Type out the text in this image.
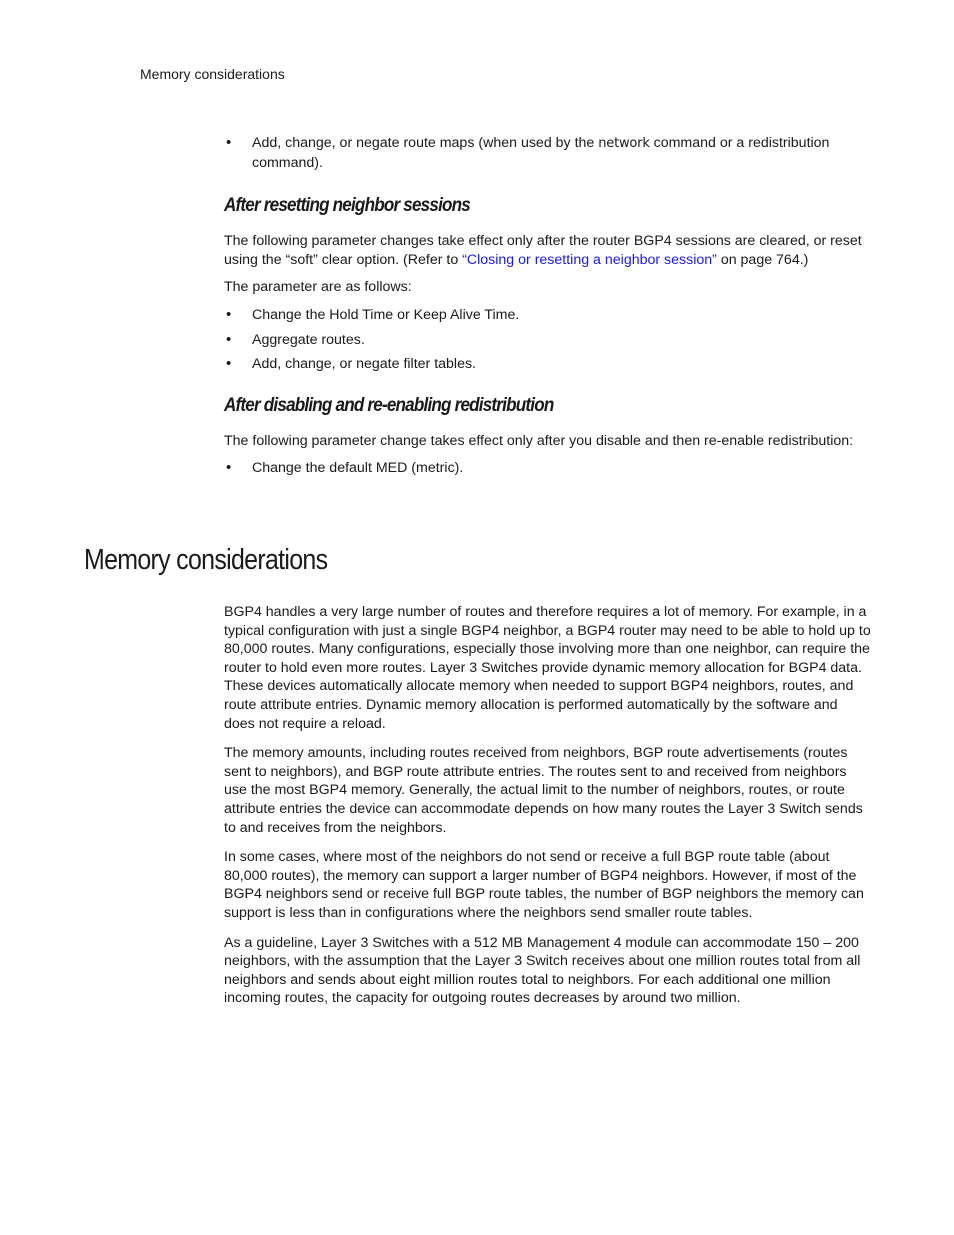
Memory considerations
• Add, change, or negate route maps (when used by the network command or a redistribution command).
After resetting neighbor sessions

The following parameter changes take effect only after the router BGP4 sessions are cleared, or reset using the “soft” clear option. (Refer to “Closing or resetting a neighbor session” on page 764.)

The parameter are as follows:

• Change the Hold Time or Keep Alive Time.
• Aggregate routes.
• Add, change, or negate filter tables.
After disabling and re-enabling redistribution

The following parameter change takes effect only after you disable and then re-enable redistribution:

• Change the default MED (metric).
Memory considerations

BGP4 handles a very large number of routes and therefore requires a lot of memory. For example, in a typical configuration with just a single BGP4 neighbor, a BGP4 router may need to be able to hold up to 80,000 routes. Many configurations, especially those involving more than one neighbor, can require the router to hold even more routes. Layer 3 Switches provide dynamic memory allocation for BGP4 data. These devices automatically allocate memory when needed to support BGP4 neighbors, routes, and route attribute entries. Dynamic memory allocation is performed automatically by the software and does not require a reload.

The memory amounts, including routes received from neighbors, BGP route advertisements (routes sent to neighbors), and BGP route attribute entries. The routes sent to and received from neighbors use the most BGP4 memory. Generally, the actual limit to the number of neighbors, routes, or route attribute entries the device can accommodate depends on how many routes the Layer 3 Switch sends to and receives from the neighbors.

In some cases, where most of the neighbors do not send or receive a full BGP route table (about 80,000 routes), the memory can support a larger number of BGP4 neighbors. However, if most of the BGP4 neighbors send or receive full BGP route tables, the number of BGP neighbors the memory can support is less than in configurations where the neighbors send smaller route tables.

As a guideline, Layer 3 Switches with a 512 MB Management 4 module can accommodate 150 – 200 neighbors, with the assumption that the Layer 3 Switch receives about one million routes total from all neighbors and sends about eight million routes total to neighbors. For each additional one million incoming routes, the capacity for outgoing routes decreases by around two million.
